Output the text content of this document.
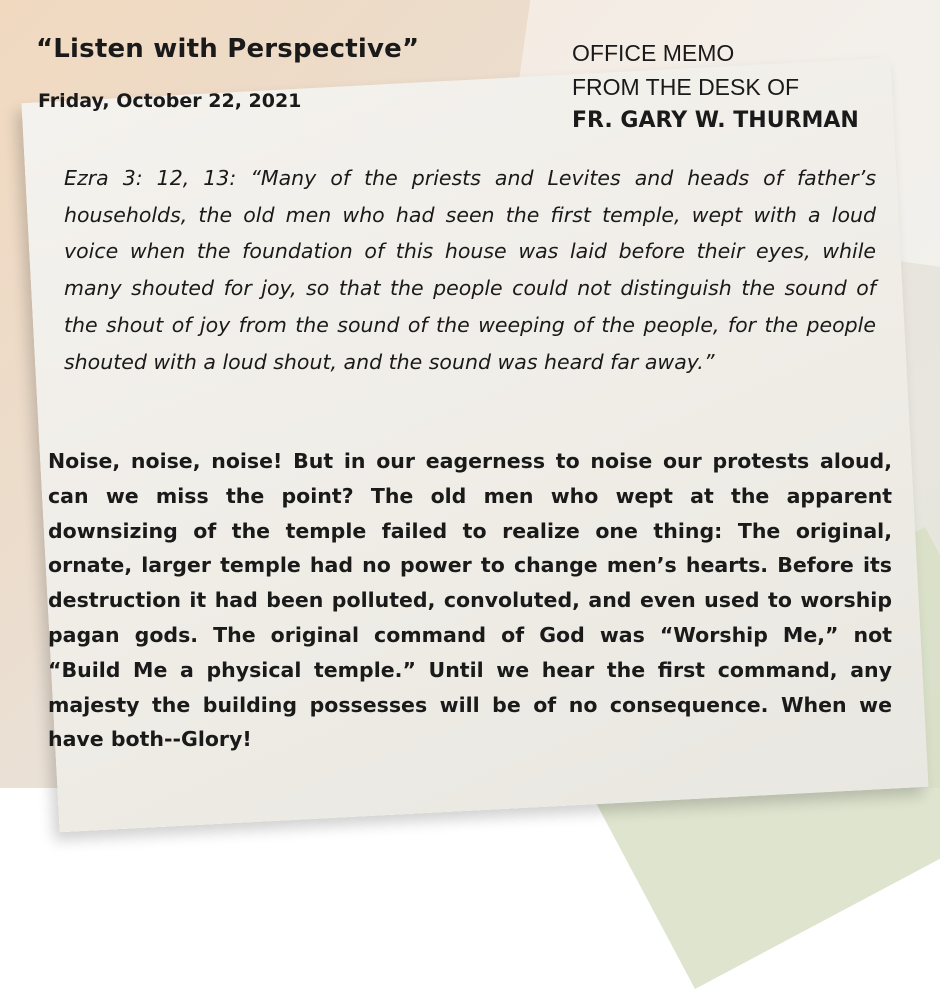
“Listen with Perspective”
Friday, October 22, 2021
OFFICE MEMO
FROM THE DESK OF
FR. GARY W. THURMAN
Ezra 3: 12, 13: “Many of the priests and Levites and heads of father’s households, the old men who had seen the first temple, wept with a loud voice when the foundation of this house was laid before their eyes, while many shouted for joy, so that the people could not distinguish the sound of the shout of joy from the sound of the weeping of the people, for the people shouted with a loud shout, and the sound was heard far away.”
Noise, noise, noise! But in our eagerness to noise our protests aloud, can we miss the point? The old men who wept at the apparent downsizing of the temple failed to realize one thing: The original, ornate, larger temple had no power to change men’s hearts. Before its destruction it had been polluted, convoluted, and even used to worship pagan gods. The original command of God was “Worship Me,” not “Build Me a physical temple.” Until we hear the first command, any majesty the building possesses will be of no consequence. When we have both--Glory!
